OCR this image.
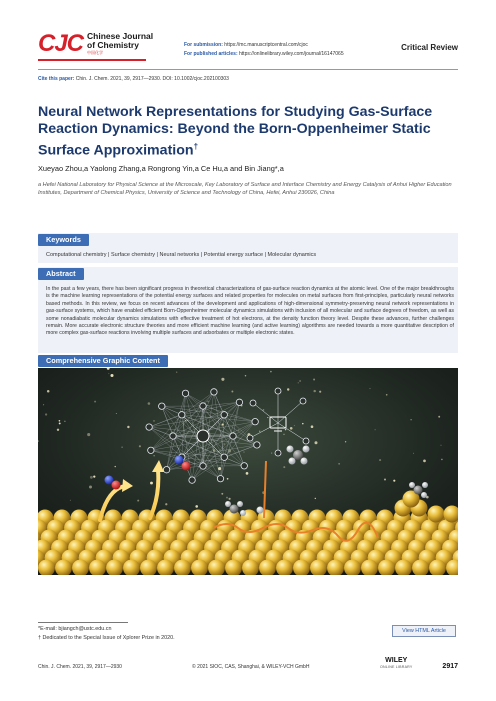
CJC Chinese Journal
of Chemistry
中国化学
For submission: https://mc.manuscriptcentral.com/cjoc
For published articles: https://onlinelibrary.wiley.com/journal/16147065
Critical Review
Cite this paper: Chin. J. Chem. 2021, 39, 2917—2930. DOI: 10.1002/cjoc.202100303
Neural Network Representations for Studying Gas-Surface Reaction Dynamics: Beyond the Born-Oppenheimer Static Surface Approximation†
Xueyao Zhou,a Yaolong Zhang,a Rongrong Yin,a Ce Hu,a and Bin Jiang*,a
a Hefei National Laboratory for Physical Science at the Microscale, Key Laboratory of Surface and Interface Chemistry and Energy Catalysis of Anhui Higher Education Institutes, Department of Chemical Physics, University of Science and Technology of China, Hefei, Anhui 230026, China
Keywords
Computational chemistry | Surface chemistry | Neural networks | Potential energy surface | Molecular dynamics
Abstract
In the past a few years, there has been significant progress in theoretical characterizations of gas-surface reaction dynamics at the atomic level. One of the major breakthroughs is the machine learning representations of the potential energy surfaces and related properties for molecules on metal surfaces from first-principles, particularly neural networks based methods. In this review, we focus on recent advances of the development and applications of high-dimensional symmetry-preserving neural network representations in gas-surface systems, which have enabled efficient Born-Oppenheimer molecular dynamics simulations with inclusion of all molecular and surface degrees of freedom, as well as some nonadiabatic molecular dynamics simulations with effective treatment of hot electrons, at the density function theory level. Despite these advances, further challenges remain. More accurate electronic structure theories and more efficient machine learning (and active learning) algorithms are needed towards a more quantitative description of more complex gas-surface reactions involving multiple surfaces and adsorbates or multiple electronic states.
Comprehensive Graphic Content
*E-mail: bjiangch@ustc.edu.cn
† Dedicated to the Special Issue of Xplorer Prize in 2020.
View HTML Article
Chin. J. Chem. 2021, 39, 2917—2930	© 2021 SIOC, CAS, Shanghai, & WILEY-VCH GmbH
WILEY
ONLINE LIBRARY	2917
